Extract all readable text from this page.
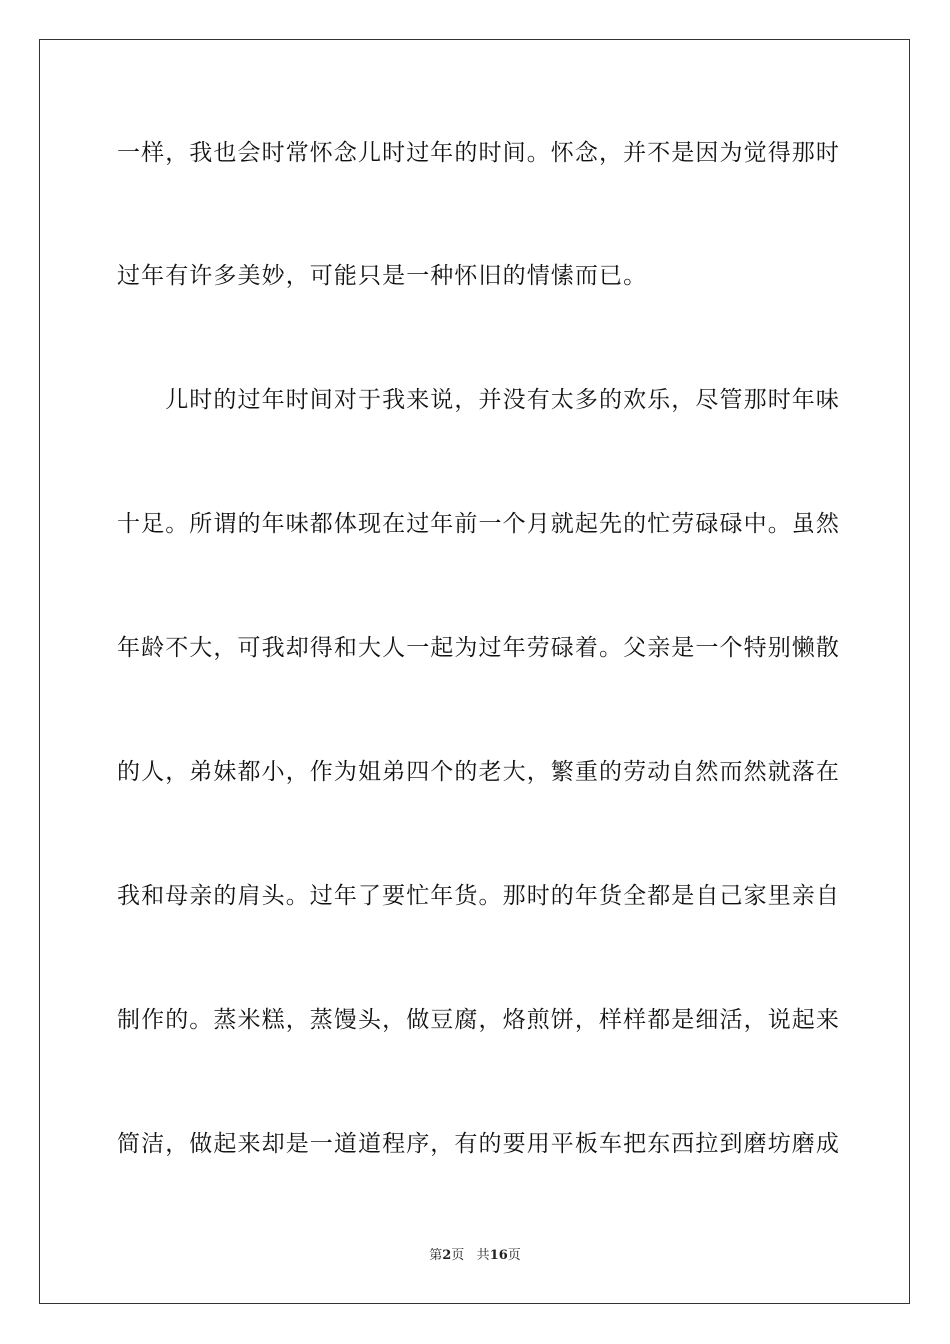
一样，我也会时常怀念儿时过年的时间。怀念，并不是因为觉得那时
过年有许多美妙，可能只是一种怀旧的情愫而已。
　　儿时的过年时间对于我来说，并没有太多的欢乐，尽管那时年味
十足。所谓的年味都体现在过年前一个月就起先的忙劳碌碌中。虽然
年龄不大，可我却得和大人一起为过年劳碌着。父亲是一个特别懒散
的人，弟妹都小，作为姐弟四个的老大，繁重的劳动自然而然就落在
我和母亲的肩头。过年了要忙年货。那时的年货全都是自己家里亲自
制作的。蒸米糕，蒸馒头，做豆腐，烙煎饼，样样都是细活，说起来
简洁，做起来却是一道道程序，有的要用平板车把东西拉到磨坊磨成
第2页 共16页
